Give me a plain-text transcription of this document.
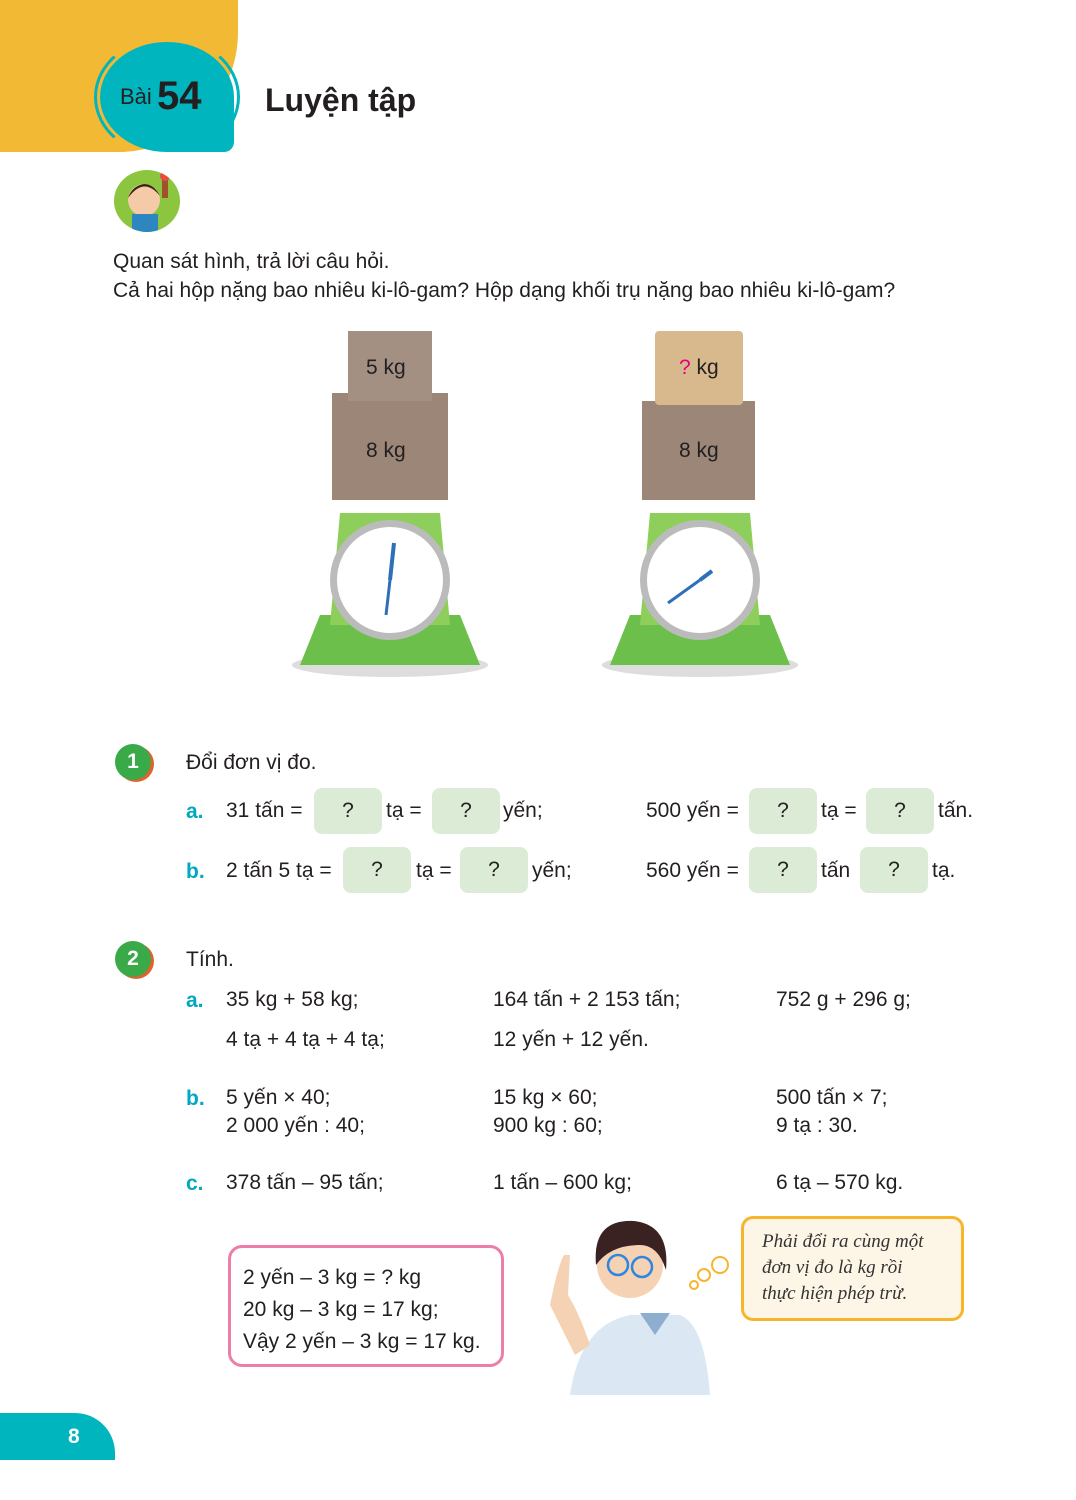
Bài 54 Luyện tập
Quan sát hình, trả lời câu hỏi.
Cả hai hộp nặng bao nhiêu ki-lô-gam? Hộp dạng khối trụ nặng bao nhiêu ki-lô-gam?
5 kg
8 kg
? kg
8 kg
1	Đổi đơn vị đo.
a. 31 tấn =	?	tạ =	?	yến;	500 yến =	?	tạ =	?	tấn.
b. 2 tấn 5 tạ =	?	tạ =	?	yến;	560 yến =	?	tấn	?	tạ.
2	Tính.
a. 35 kg + 58 kg;	164 tấn + 2 153 tấn;	752 g + 296 g;
4 tạ + 4 tạ + 4 tạ;	12 yến + 12 yến.
b. 5 yến × 40;	15 kg × 60;	500 tấn × 7;
2 000 yến : 40;	900 kg : 60;	9 tạ : 30.
c. 378 tấn – 95 tấn;	1 tấn – 600 kg;	6 tạ – 570 kg.
2 yến – 3 kg = ? kg
20 kg – 3 kg = 17 kg;
Vậy 2 yến – 3 kg = 17 kg.
Phải đổi ra cùng một
đơn vị đo là kg rồi
thực hiện phép trừ.
8
